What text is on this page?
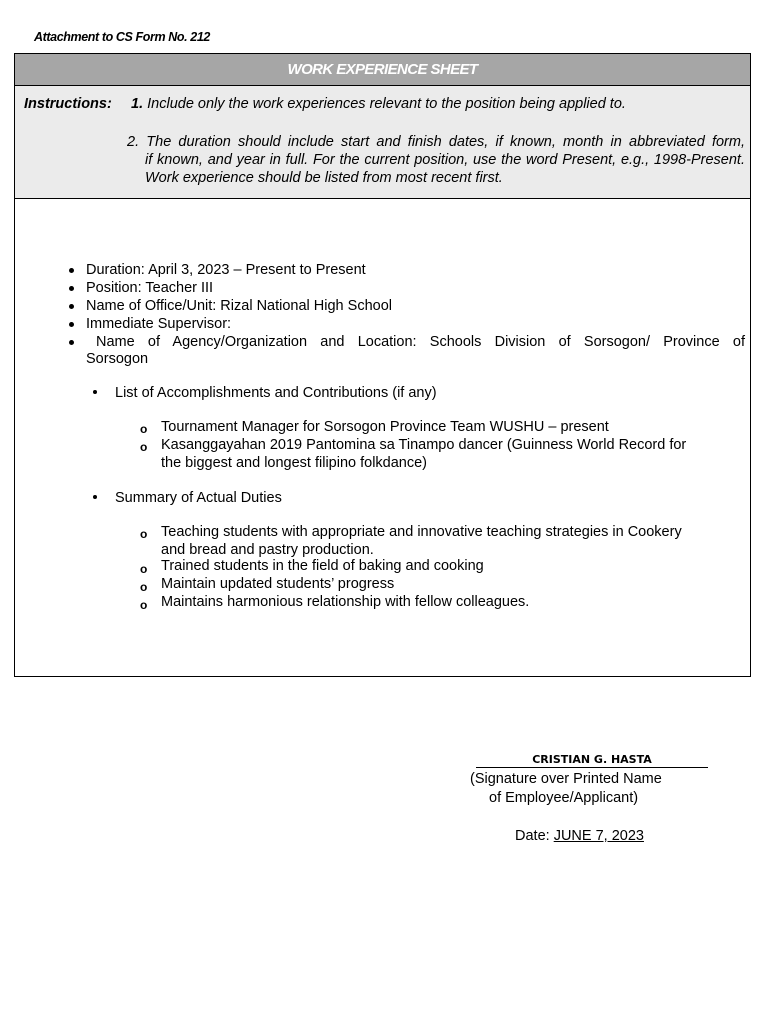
Attachment to CS Form No. 212
WORK EXPERIENCE SHEET
Instructions: 1. Include only the work experiences relevant to the position being applied to.
2. The duration should include start and finish dates, if known, month in abbreviated form,
if known, and year in full. For the current position, use the word Present, e.g., 1998-Present. Work experience should be listed from most recent first.
Duration: April 3, 2023 – Present to Present
Position: Teacher III
Name of Office/Unit: Rizal National High School
Immediate Supervisor:
Name of Agency/Organization and Location: Schools Division of Sorsogon/ Province of
Sorsogon
List of Accomplishments and Contributions (if any)
o Tournament Manager for Sorsogon Province Team WUSHU – present
o Kasanggayahan 2019 Pantomina sa Tinampo dancer (Guinness World Record for
the biggest and longest filipino folkdance)
Summary of Actual Duties
o Teaching students with appropriate and innovative teaching strategies in Cookery
and bread and pastry production.
o Trained students in the field of baking and cooking
o Maintain updated students’ progress
o Maintains harmonious relationship with fellow colleagues.
CRISTIAN G. HASTA
(Signature over Printed Name
of Employee/Applicant)
Date: JUNE 7, 2023
